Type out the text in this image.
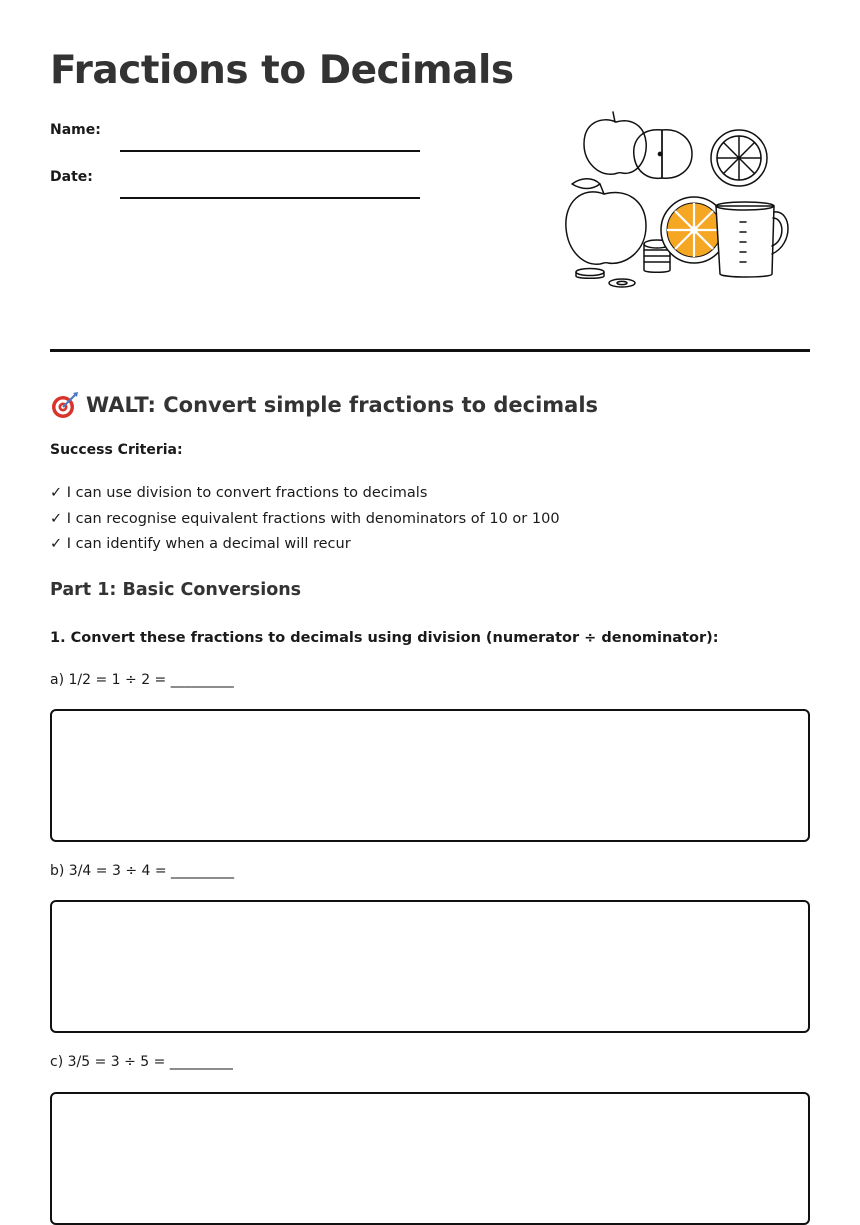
Fractions to Decimals
Name:
Date:
WALT: Convert simple fractions to decimals

Success Criteria:

✓ I can use division to convert fractions to decimals
✓ I can recognise equivalent fractions with denominators of 10 or 100
✓ I can identify when a decimal will recur
Part 1: Basic Conversions

1. Convert these fractions to decimals using division (numerator ÷ denominator):

a) 1/2 = 1 ÷ 2 = _________

b) 3/4 = 3 ÷ 4 = _________

c) 3/5 = 3 ÷ 5 = _________
